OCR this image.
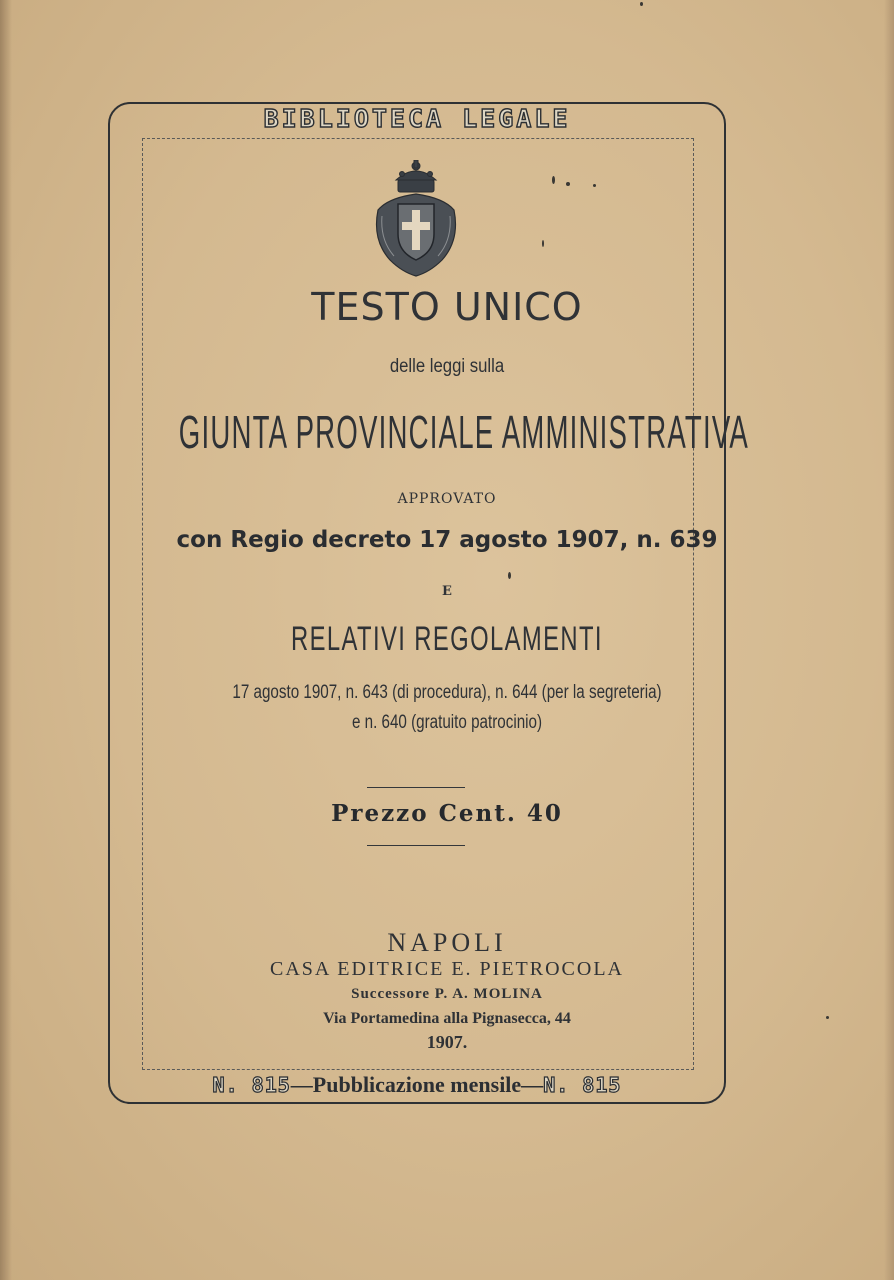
BIBLIOTECA LEGALE
TESTO UNICO
delle leggi sulla
GIUNTA PROVINCIALE AMMINISTRATIVA
APPROVATO
con Regio decreto 17 agosto 1907, n. 639
E
RELATIVI REGOLAMENTI
17 agosto 1907, n. 643 (di procedura), n. 644 (per la segreteria)
e n. 640 (gratuito patrocinio)
Prezzo Cent. 40
NAPOLI
CASA EDITRICE E. PIETROCOLA
Successore P. A. MOLINA
Via Portamedina alla Pignasecca, 44
1907.
N. 815—Pubblicazione mensile—N. 815
